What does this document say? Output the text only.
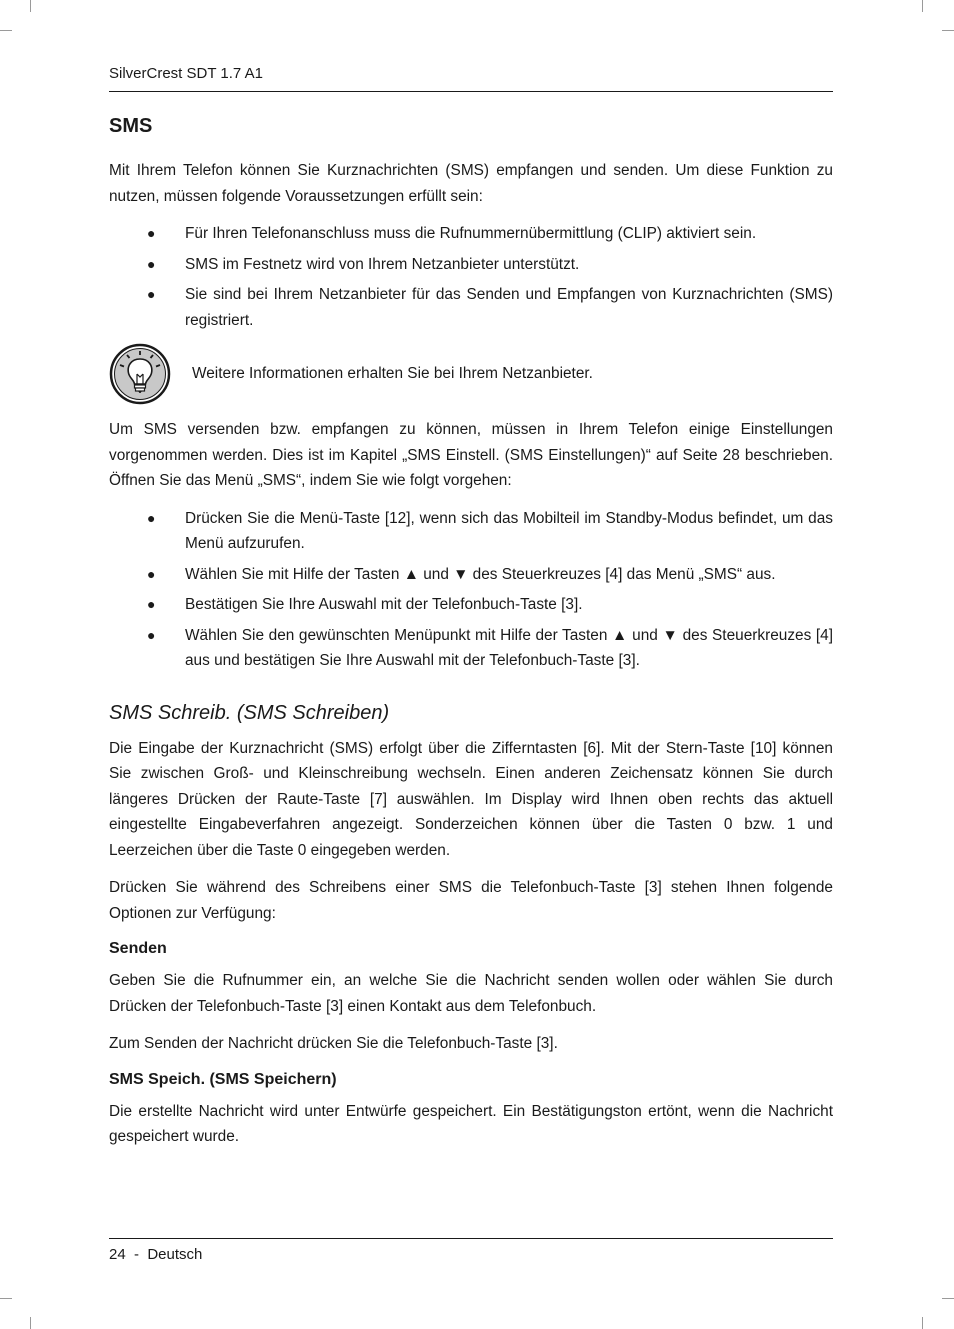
SilverCrest SDT 1.7 A1
SMS

Mit Ihrem Telefon können Sie Kurznachrichten (SMS) empfangen und senden. Um diese Funktion zu nutzen, müssen folgende Voraussetzungen erfüllt sein:

● Für Ihren Telefonanschluss muss die Rufnummernübermittlung (CLIP) aktiviert sein.
● SMS im Festnetz wird von Ihrem Netzanbieter unterstützt.
● Sie sind bei Ihrem Netzanbieter für das Senden und Empfangen von Kurznachrichten (SMS) registriert.
Weitere Informationen erhalten Sie bei Ihrem Netzanbieter.

Um SMS versenden bzw. empfangen zu können, müssen in Ihrem Telefon einige Einstellungen vorgenommen werden. Dies ist im Kapitel „SMS Einstell. (SMS Einstellungen)“ auf Seite 28 beschrieben. Öffnen Sie das Menü „SMS“, indem Sie wie folgt vorgehen:

● Drücken Sie die Menü-Taste [12], wenn sich das Mobilteil im Standby-Modus befindet, um das Menü aufzurufen.
● Wählen Sie mit Hilfe der Tasten ▲ und ▼ des Steuerkreuzes [4] das Menü „SMS“ aus.
● Bestätigen Sie Ihre Auswahl mit der Telefonbuch-Taste [3].
● Wählen Sie den gewünschten Menüpunkt mit Hilfe der Tasten ▲ und ▼ des Steuerkreuzes [4] aus und bestätigen Sie Ihre Auswahl mit der Telefonbuch-Taste [3].
SMS Schreib. (SMS Schreiben)

Die Eingabe der Kurznachricht (SMS) erfolgt über die Zifferntasten [6]. Mit der Stern-Taste [10] können Sie zwischen Groß- und Kleinschreibung wechseln. Einen anderen Zeichensatz können Sie durch längeres Drücken der Raute-Taste [7] auswählen. Im Display wird Ihnen oben rechts das aktuell eingestellte Eingabeverfahren angezeigt. Sonderzeichen können über die Tasten 0 bzw. 1 und Leerzeichen über die Taste 0 eingegeben werden.

Drücken Sie während des Schreibens einer SMS die Telefonbuch-Taste [3] stehen Ihnen folgende Optionen zur Verfügung:

Senden

Geben Sie die Rufnummer ein, an welche Sie die Nachricht senden wollen oder wählen Sie durch Drücken der Telefonbuch-Taste [3] einen Kontakt aus dem Telefonbuch.

Zum Senden der Nachricht drücken Sie die Telefonbuch-Taste [3].

SMS Speich. (SMS Speichern)

Die erstellte Nachricht wird unter Entwürfe gespeichert. Ein Bestätigungston ertönt, wenn die Nachricht gespeichert wurde.

24  -  Deutsch
